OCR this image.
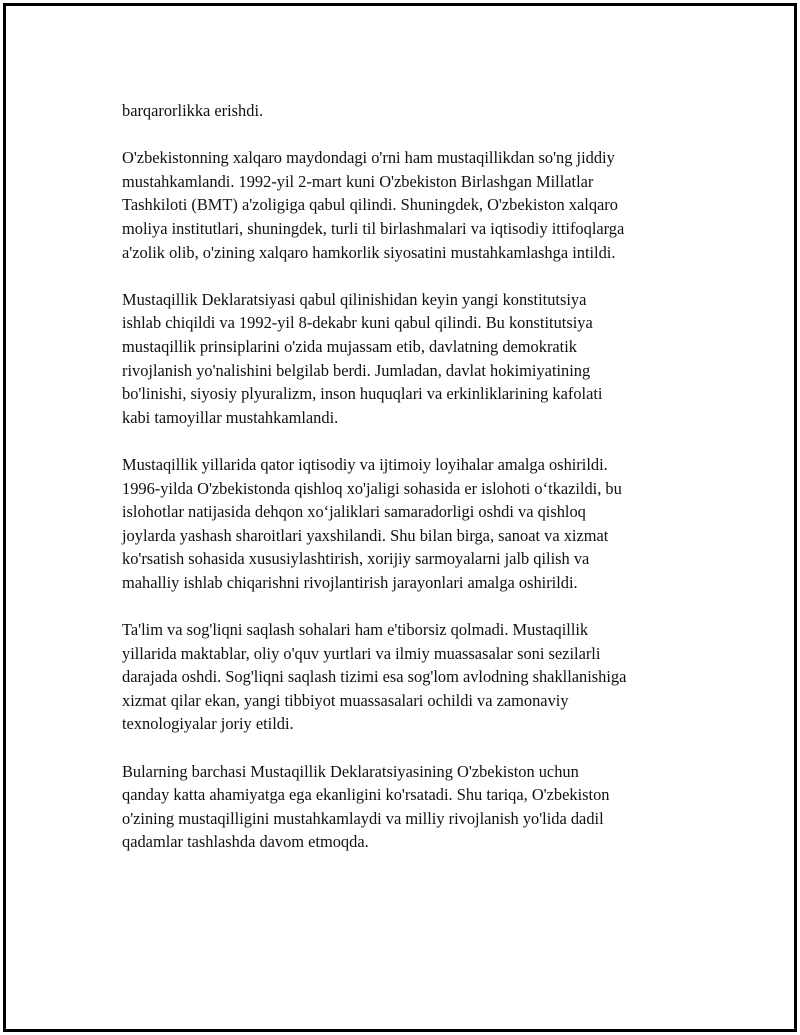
barqarorlikka erishdi.

O'zbekistonning xalqaro maydondagi o'rni ham mustaqillikdan so'ng jiddiy
mustahkamlandi. 1992-yil 2-mart kuni O'zbekiston Birlashgan Millatlar
Tashkiloti (BMT) a'zoligiga qabul qilindi. Shuningdek, O'zbekiston xalqaro
moliya institutlari, shuningdek, turli til birlashmalari va iqtisodiy ittifoqlarga
a'zolik olib, o'zining xalqaro hamkorlik siyosatini mustahkamlashga intildi.

Mustaqillik Deklaratsiyasi qabul qilinishidan keyin yangi konstitutsiya
ishlab chiqildi va 1992-yil 8-dekabr kuni qabul qilindi. Bu konstitutsiya
mustaqillik prinsiplarini o'zida mujassam etib, davlatning demokratik
rivojlanish yo'nalishini belgilab berdi. Jumladan, davlat hokimiyatining
bo'linishi, siyosiy plyuralizm, inson huquqlari va erkinliklarining kafolati
kabi tamoyillar mustahkamlandi.

Mustaqillik yillarida qator iqtisodiy va ijtimoiy loyihalar amalga oshirildi.
1996-yilda O'zbekistonda qishloq xo'jaligi sohasida er islohoti o‘tkazildi, bu
islohotlar natijasida dehqon xo‘jaliklari samaradorligi oshdi va qishloq
joylarda yashash sharoitlari yaxshilandi. Shu bilan birga, sanoat va xizmat
ko'rsatish sohasida xususiylashtirish, xorijiy sarmoyalarni jalb qilish va
mahalliy ishlab chiqarishni rivojlantirish jarayonlari amalga oshirildi.

Ta'lim va sog'liqni saqlash sohalari ham e'tiborsiz qolmadi. Mustaqillik
yillarida maktablar, oliy o'quv yurtlari va ilmiy muassasalar soni sezilarli
darajada oshdi. Sog'liqni saqlash tizimi esa sog'lom avlodning shakllanishiga
xizmat qilar ekan, yangi tibbiyot muassasalari ochildi va zamonaviy
texnologiyalar joriy etildi.

Bularning barchasi Mustaqillik Deklaratsiyasining O'zbekiston uchun
qanday katta ahamiyatga ega ekanligini ko'rsatadi. Shu tariqa, O'zbekiston
o'zining mustaqilligini mustahkamlaydi va milliy rivojlanish yo'lida dadil
qadamlar tashlashda davom etmoqda.
